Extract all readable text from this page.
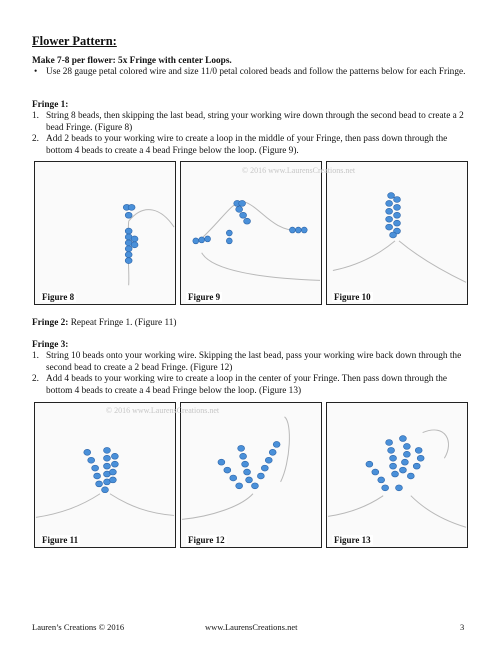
Flower Pattern:
Make 7-8 per flower: 5x Fringe with center Loops.
• Use 28 gauge petal colored wire and size 11/0 petal colored beads and follow the patterns below for each Fringe.
Fringe 1:
1. String 8 beads, then skipping the last bead, string your working wire down through the second bead to create a 2 bead Fringe. (Figure 8)
2. Add 2 beads to your working wire to create a loop in the middle of your Fringe, then pass down through the bottom 4 beads to create a 4 bead Fringe below the loop. (Figure 9).
Figure 8	Figure 9	Figure 10
© 2016 www.LaurensCreations.net
Fringe 2: Repeat Fringe 1. (Figure 11)
Fringe 3:
1. String 10 beads onto your working wire. Skipping the last bead, pass your working wire back down through the second bead to create a 2 bead Fringe. (Figure 12)
2. Add 4 beads to your working wire to create a loop in the center of your Fringe. Then pass down through the bottom 4 beads to create a 4 bead Fringe below the loop. (Figure 13)
Figure 11	Figure 12	Figure 13
© 2016 www.LaurensCreations.net
Lauren’s Creations © 2016	www.LaurensCreations.net	3
